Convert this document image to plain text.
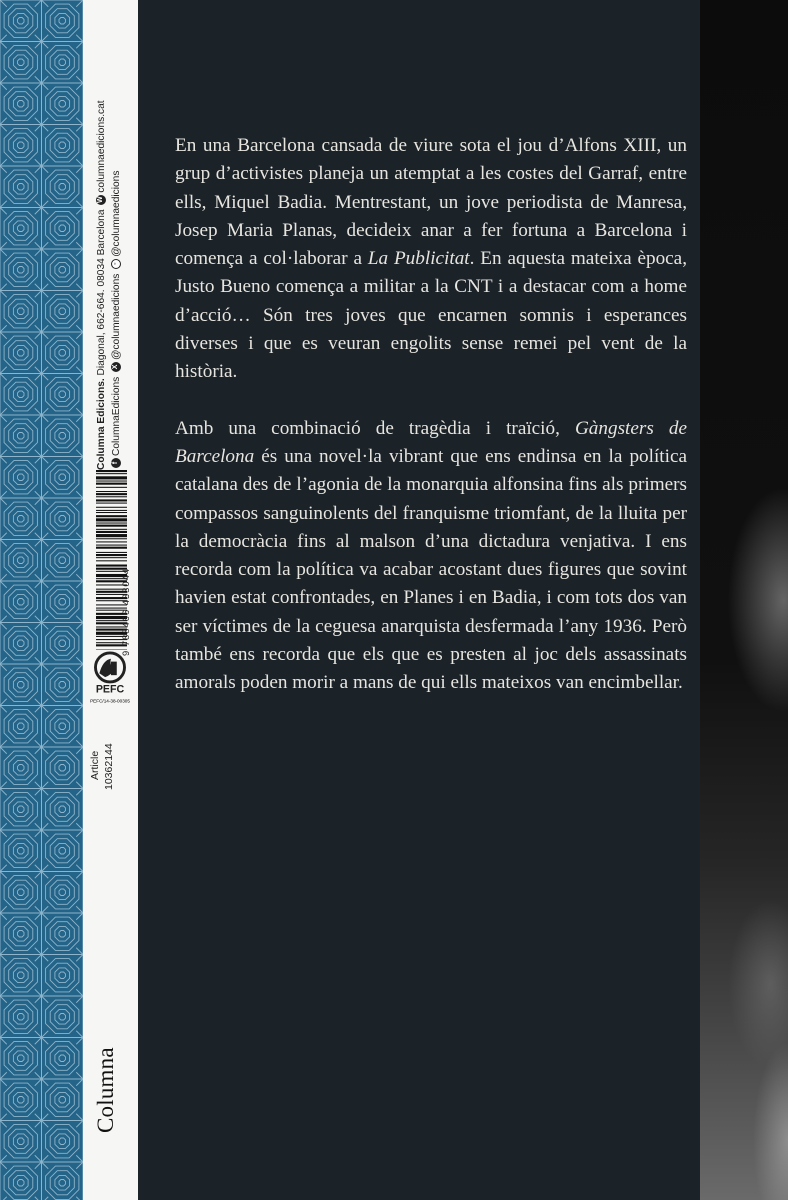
Columna Edicions. Diagonal, 662-664. 08034 Barcelona Wcolumnaedicions.cat
fColumnaEdicions X@columnaedicions ◦@columnaedicions
9 788466 433044
PEFC
PEFC/14-38-00305
Article 10362144
Columna

En una Barcelona cansada de viure sota el jou d’Alfons XIII, un grup d’activistes planeja un atemptat a les costes del Garraf, entre ells, Miquel Badia. Mentrestant, un jove periodista de Manresa, Josep Maria Planas, decideix anar a fer fortuna a Barcelona i comença a col·laborar a La Publicitat. En aquesta mateixa època, Justo Bueno comença a militar a la CNT i a destacar com a home d’acció… Són tres joves que encarnen somnis i esperances diverses i que es veuran engolits sense remei pel vent de la història.

Amb una combinació de tragèdia i traïció, Gàngsters de Barcelona és una novel·la vibrant que ens endinsa en la política catalana des de l’agonia de la monarquia alfonsina fins als primers compassos sanguinolents del franquisme triomfant, de la lluita per la democràcia fins al malson d’una dictadura venjativa. I ens recorda com la política va acabar acostant dues figures que sovint havien estat confrontades, en Planes i en Badia, i com tots dos van ser víctimes de la ceguesa anarquista desfermada l’any 1936. Però també ens recorda que els que es presten al joc dels assassinats amorals poden morir a mans de qui ells mateixos van encimbellar.
